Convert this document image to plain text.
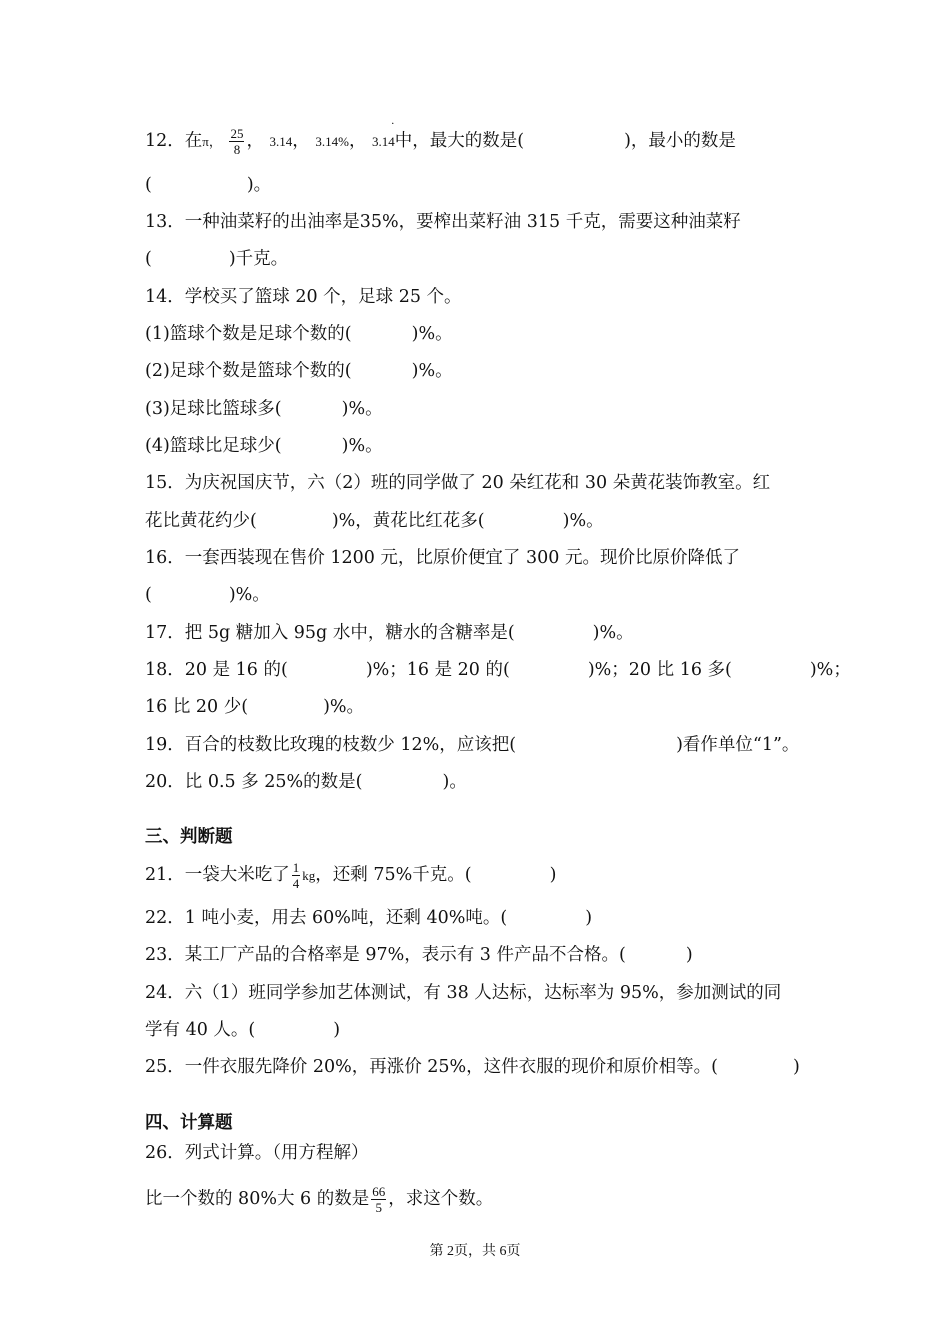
12．在π， $\frac{25}{8}$ ， 3.14， 3.14%， 3.14 ·中，最大的数是(	)，最小的数是
(	)。
13．一种油菜籽的出油率是35%，要榨出菜籽油 315 千克，需要这种油菜籽
(	)千克。
14．学校买了篮球 20 个，足球 25 个。
(1)篮球个数是足球个数的(	)%。
(2)足球个数是篮球个数的(	)%。
(3)足球比篮球多(	)%。
(4)篮球比足球少(	)%。
15．为庆祝国庆节，六（2）班的同学做了 20 朵红花和 30 朵黄花装饰教室。红
花比黄花约少(	)%，黄花比红花多(	)%。
16．一套西装现在售价 1200 元，比原价便宜了 300 元。现价比原价降低了
(	)%。
17．把 5g 糖加入 95g 水中，糖水的含糖率是(	)%。
18．20 是 16 的(	)%；16 是 20 的(	)%；20 比 16 多(	)%；
16 比 20 少(	)%。
19．百合的枝数比玫瑰的枝数少 12%，应该把(	)看作单位“1”。
20．比 0.5 多 25%的数是(	)。
三、判断题
21．一袋大米吃了 $\frac{1}{4}$ kg，还剩 75%千克。(	)
22．1 吨小麦，用去 60%吨，还剩 40%吨。(	)
23．某工厂产品的合格率是 97%，表示有 3 件产品不合格。(	)
24．六（1）班同学参加艺体测试，有 38 人达标，达标率为 95%，参加测试的同
学有 40 人。(	)
25．一件衣服先降价 20%，再涨价 25%，这件衣服的现价和原价相等。(	)
四、计算题
26．列式计算。（用方程解）
比一个数的 80%大 6 的数是 $\frac{66}{5}$ ，求这个数。
第 2页，共 6页
